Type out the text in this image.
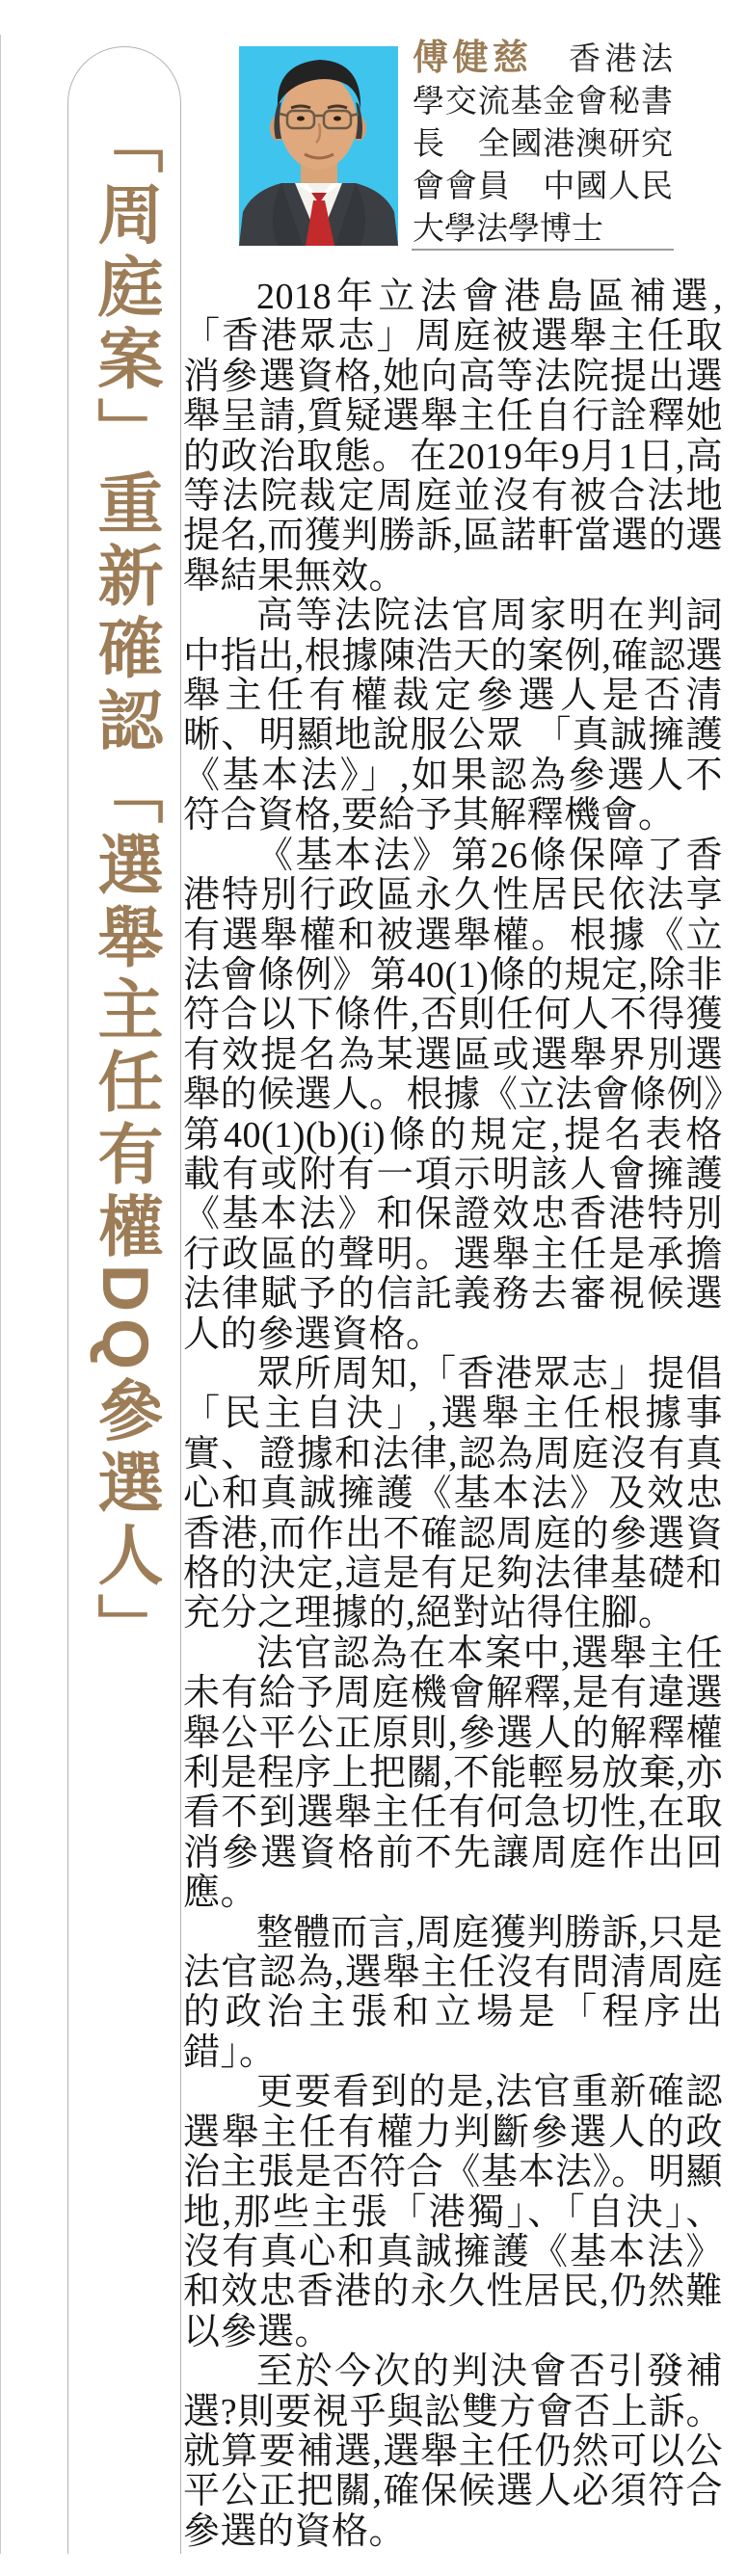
「周庭案」重新確認「選舉主任有權DQ參選人」
傅健慈　香港法學交流基金會秘書長　全國港澳研究會會員　中國人民大學法學博士

2018年立法會港島區補選,「香港眾志」周庭被選舉主任取消參選資格,她向高等法院提出選舉呈請,質疑選舉主任自行詮釋她的政治取態。在2019年9月1日,高等法院裁定周庭並沒有被合法地提名,而獲判勝訴,區諾軒當選的選舉結果無效。

高等法院法官周家明在判詞中指出,根據陳浩天的案例,確認選舉主任有權裁定參選人是否清晰、明顯地說服公眾 「真誠擁護《基本法》」,如果認為參選人不符合資格,要給予其解釋機會。

《基本法》第26條保障了香港特別行政區永久性居民依法享有選舉權和被選舉權。根據《立法會條例》第40(1)條的規定,除非符合以下條件,否則任何人不得獲有效提名為某選區或選舉界別選舉的候選人。根據《立法會條例》第40(1)(b)(i)條的規定,提名表格載有或附有一項示明該人會擁護《基本法》和保證效忠香港特別行政區的聲明。選舉主任是承擔法律賦予的信託義務去審視候選人的參選資格。

眾所周知,「香港眾志」提倡「民主自決」,選舉主任根據事實、證據和法律,認為周庭沒有真心和真誠擁護《基本法》及效忠香港,而作出不確認周庭的參選資格的決定,這是有足夠法律基礎和充分之理據的,絕對站得住腳。

法官認為在本案中,選舉主任未有給予周庭機會解釋,是有違選舉公平公正原則,參選人的解釋權利是程序上把關,不能輕易放棄,亦看不到選舉主任有何急切性,在取消參選資格前不先讓周庭作出回應。

整體而言,周庭獲判勝訴,只是法官認為,選舉主任沒有問清周庭的政治主張和立場是「程序出錯」。

更要看到的是,法官重新確認選舉主任有權力判斷參選人的政治主張是否符合《基本法》。明顯地,那些主張「港獨」、「自決」、沒有真心和真誠擁護《基本法》和效忠香港的永久性居民,仍然難以參選。

至於今次的判決會否引發補選?則要視乎與訟雙方會否上訴。就算要補選,選舉主任仍然可以公平公正把關,確保候選人必須符合參選的資格。
